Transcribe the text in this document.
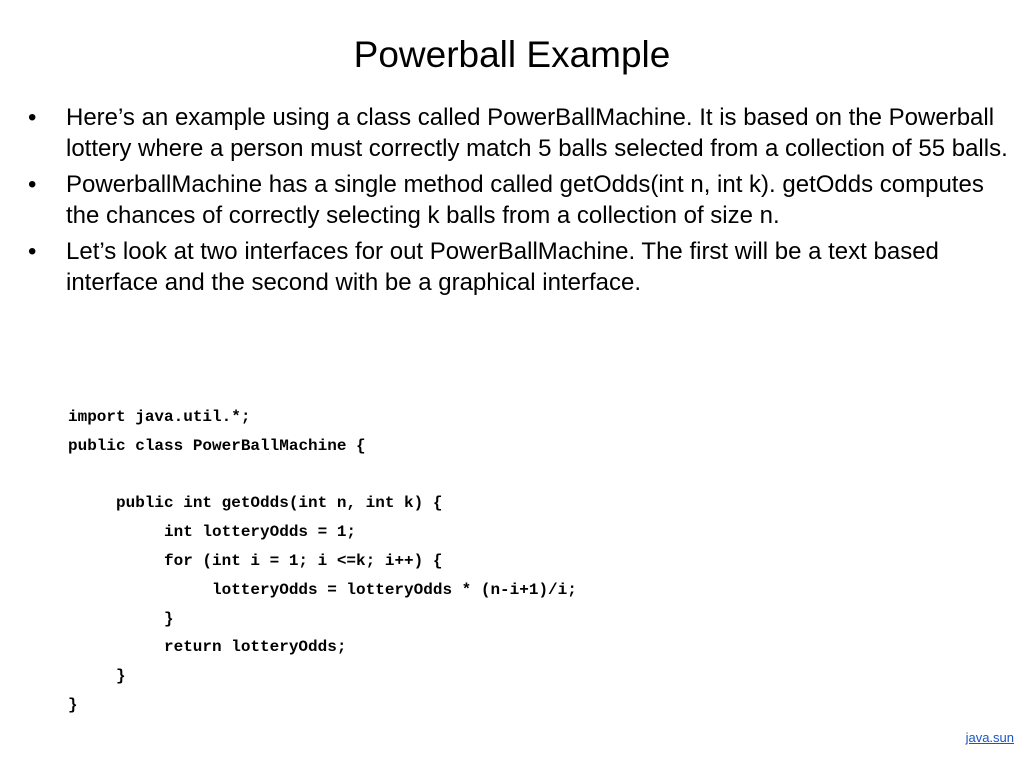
Powerball Example
• Here’s an example using a class called PowerBallMachine. It is based on the Powerball lottery where a person must correctly match 5 balls selected from a collection of 55 balls.
• PowerballMachine has a single method called getOdds(int n, int k). getOdds computes the chances of correctly selecting k balls from a collection of size n.
• Let’s look at two interfaces for out PowerBallMachine. The first will be a text based interface and the second with be a graphical interface.
import java.util.*;
public class PowerBallMachine {
public int getOdds(int n, int k) {
int lotteryOdds = 1;
for (int i = 1; i <=k; i++) {
lotteryOdds = lotteryOdds * (n-i+1)/i;
}
return lotteryOdds;
}
}
java.sun
